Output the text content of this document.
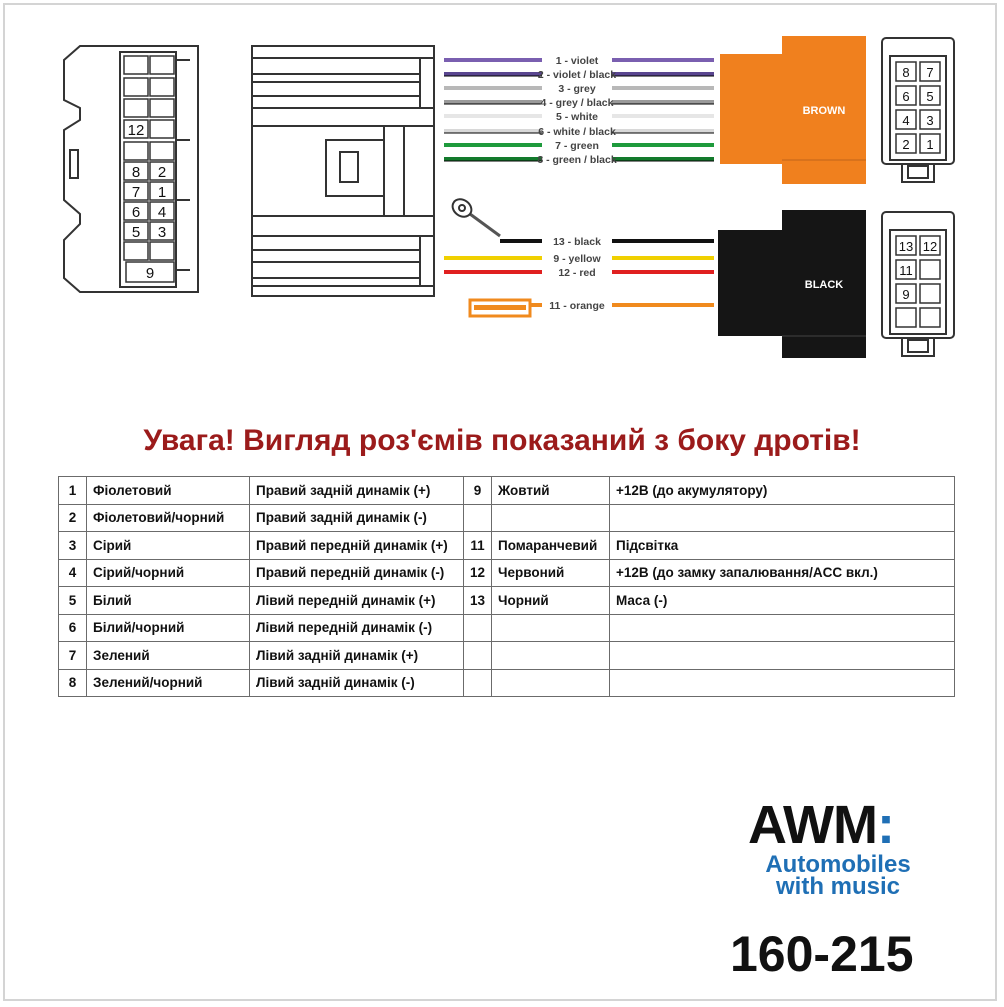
12
8 2
7 1
6 4
5 3
9
1 - violet
2 - violet / black
3 - grey
4 - grey / black
5 - white
6 - white / black
7 - green
8 - green / black
13 - black
9 - yellow
12 - red
11 - orange
BROWN
BLACK
8 7
6 5
4 3
2 1
13 12
11
9
Увага! Вигляд роз'ємів показаний з боку дротів!
1	Фіолетовий	Правий задній динамік (+)	9	Жовтий	+12В (до акумулятору)
2	Фіолетовий/чорний	Правий задній динамік (-)			
3	Сірий	Правий передній динамік (+)	11	Помаранчевий	Підсвітка
4	Сірий/чорний	Правий передній динамік (-)	12	Червоний	+12В (до замку запалювання/ACC вкл.)
5	Білий	Лівий передній динамік (+)	13	Чорний	Маса (-)
6	Білий/чорний	Лівий передній динамік (-)			
7	Зелений	Лівий задній динамік (+)			
8	Зелений/чорний	Лівий задній динамік (-)			
AWM:
Automobiles
with music
160-215
